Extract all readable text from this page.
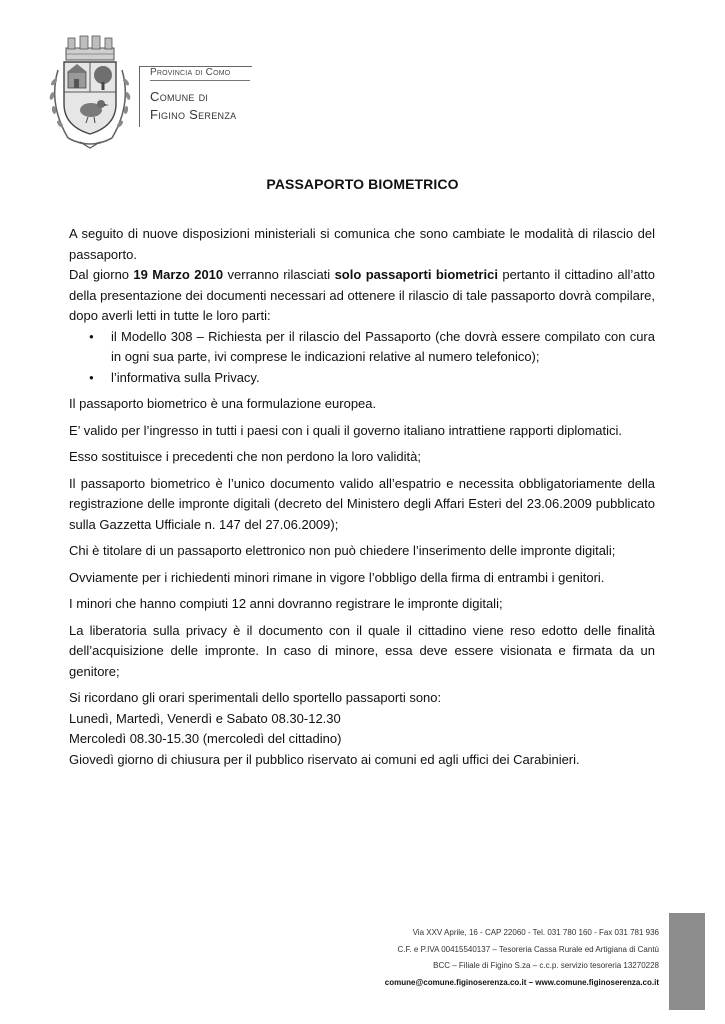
Provincia di Como
Comune di
Figino Serenza
PASSAPORTO BIOMETRICO

A seguito di nuove disposizioni ministeriali si comunica che sono cambiate le modalità di rilascio del passaporto.

Dal giorno 19 Marzo 2010 verranno rilasciati solo passaporti biometrici pertanto il cittadino all’atto della presentazione dei documenti necessari ad ottenere il rilascio di tale passaporto dovrà compilare, dopo averli letti in tutte le loro parti:

● il Modello 308 – Richiesta per il rilascio del Passaporto (che dovrà essere compilato con cura in ogni sua parte, ivi comprese le indicazioni relative al numero telefonico);
● l’informativa sulla Privacy.

Il passaporto biometrico è una formulazione europea.

E’ valido per l’ingresso in tutti i paesi con i quali il governo italiano intrattiene rapporti diplomatici.

Esso sostituisce i precedenti che non perdono la loro validità;

Il passaporto biometrico è l’unico documento valido all’espatrio e necessita obbligatoriamente della registrazione delle impronte digitali (decreto del Ministero degli Affari Esteri del 23.06.2009 pubblicato sulla Gazzetta Ufficiale n. 147 del 27.06.2009);

Chi è titolare di un passaporto elettronico non può chiedere l’inserimento delle impronte digitali;

Ovviamente per i richiedenti minori rimane in vigore l’obbligo della firma di entrambi i genitori.

I minori che hanno compiuti 12 anni dovranno registrare le impronte digitali;

La liberatoria sulla privacy è il documento con il quale il cittadino viene reso edotto delle finalità dell’acquisizione delle impronte. In caso di minore, essa deve essere visionata e firmata da un genitore;

Si ricordano gli orari sperimentali dello sportello passaporti sono:
Lunedì, Martedì, Venerdì e Sabato 08.30-12.30
Mercoledì 08.30-15.30 (mercoledì del cittadino)
Giovedì giorno di chiusura per il pubblico riservato ai comuni ed agli uffici dei Carabinieri.

Via XXV Aprile, 16 - CAP 22060 - Tel. 031 780 160 - Fax 031 781 936
C.F. e P.IVA 00415540137 – Tesoreria Cassa Rurale ed Artigiana di Cantù
BCC – Filiale di Figino S.za – c.c.p. servizio tesoreria 13270228
comune@comune.figinoserenza.co.it – www.comune.figinoserenza.co.it
